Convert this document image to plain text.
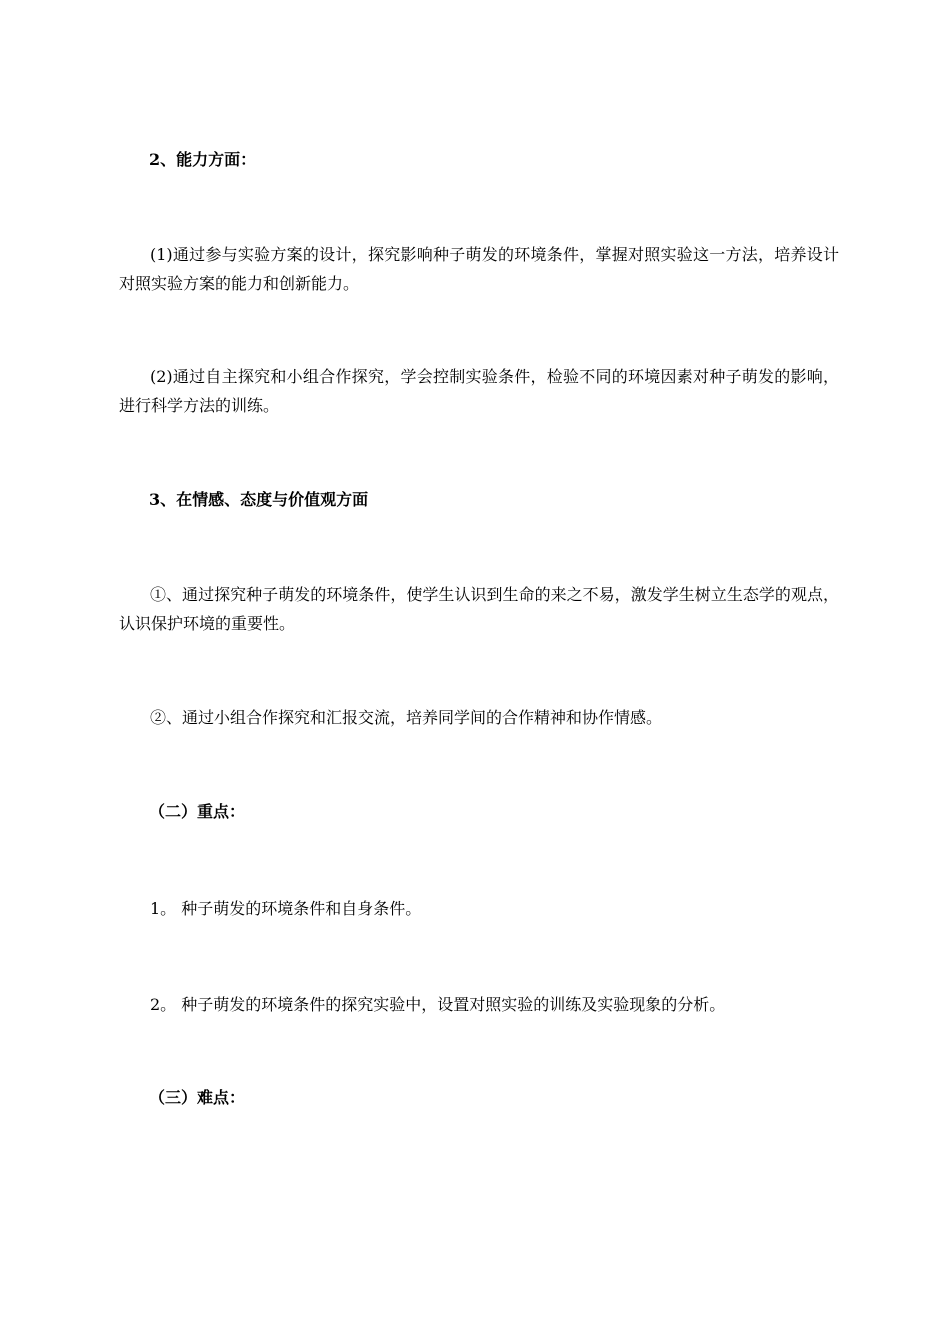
2、能力方面：

(1)通过参与实验方案的设计，探究影响种子萌发的环境条件，掌握对照实验这一方法，培养设计对照实验方案的能力和创新能力。

(2)通过自主探究和小组合作探究，学会控制实验条件，检验不同的环境因素对种子萌发的影响，进行科学方法的训练。

3、在情感、态度与价值观方面

①、通过探究种子萌发的环境条件，使学生认识到生命的来之不易，激发学生树立生态学的观点，认识保护环境的重要性。

②、通过小组合作探究和汇报交流，培养同学间的合作精神和协作情感。

（二）重点：

1。 种子萌发的环境条件和自身条件。

2。 种子萌发的环境条件的探究实验中，设置对照实验的训练及实验现象的分析。

（三）难点：
